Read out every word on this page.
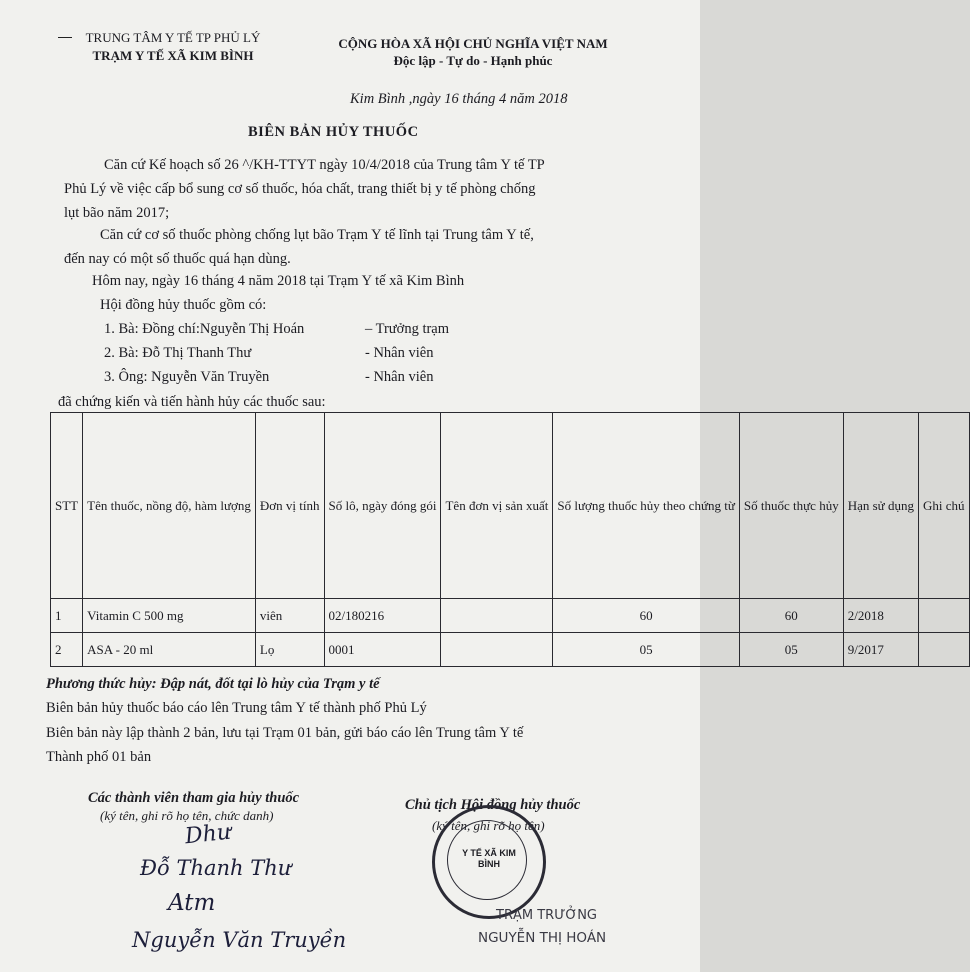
TRUNG TÂM Y TẾ TP PHỦ LÝ
TRẠM Y TẾ XÃ KIM BÌNH
CỘNG HÒA XÃ HỘI CHỦ NGHĨA VIỆT NAM
Độc lập - Tự do - Hạnh phúc
Kim Bình ,ngày 16 tháng 4 năm 2018
BIÊN BẢN HỦY THUỐC
Căn cứ Kế hoạch số 26 ^/KH-TTYT ngày 10/4/2018 của Trung tâm Y tế TP
Phủ Lý về việc cấp bổ sung cơ số thuốc, hóa chất, trang thiết bị y tế phòng chống
lụt bão năm 2017;
Căn cứ cơ số thuốc phòng chống lụt bão Trạm Y tế lĩnh tại Trung tâm Y tế,
đến nay có một số thuốc quá hạn dùng.
Hôm nay, ngày 16 tháng 4 năm 2018 tại Trạm Y tế xã Kim Bình
Hội đồng hủy thuốc gồm có:
1. Bà: Đồng chí:Nguyễn Thị Hoán	– Trưởng trạm
2. Bà: Đỗ Thị Thanh Thư	- Nhân viên
3. Ông: Nguyễn Văn Truyền	- Nhân viên
đã chứng kiến và tiến hành hủy các thuốc sau:
STT	Tên thuốc, nồng độ, hàm lượng	Đơn vị tính	Số lô, ngày đóng gói	Tên đơn vị sản xuất	Số lượng thuốc hủy theo chứng từ	Số thuốc thực hủy	Hạn sử dụng	Ghi chú
1	Vitamin C 500 mg	viên	02/180216		60	60	2/2018	
2	ASA - 20 ml	Lọ	0001		05	05	9/2017	
Phương thức hủy: Đập nát, đốt tại lò hủy của Trạm y tế
Biên bản hủy thuốc báo cáo lên Trung tâm Y tế thành phố Phủ Lý
Biên bản này lập thành 2 bản, lưu tại Trạm 01 bản, gửi báo cáo lên Trung tâm Y tế
Thành phố 01 bản
Các thành viên tham gia hủy thuốc
(ký tên, ghi rõ họ tên, chức danh)
Dhư
Đỗ Thanh Thư
Atm
Nguyễn Văn Truyền
Chủ tịch Hội đồng hủy thuốc
(ký tên, ghi rõ họ tên)
Y TẾ XÃ KIM BÌNH
TRẠM TRƯỞNG
NGUYỄN THỊ HOÁN
